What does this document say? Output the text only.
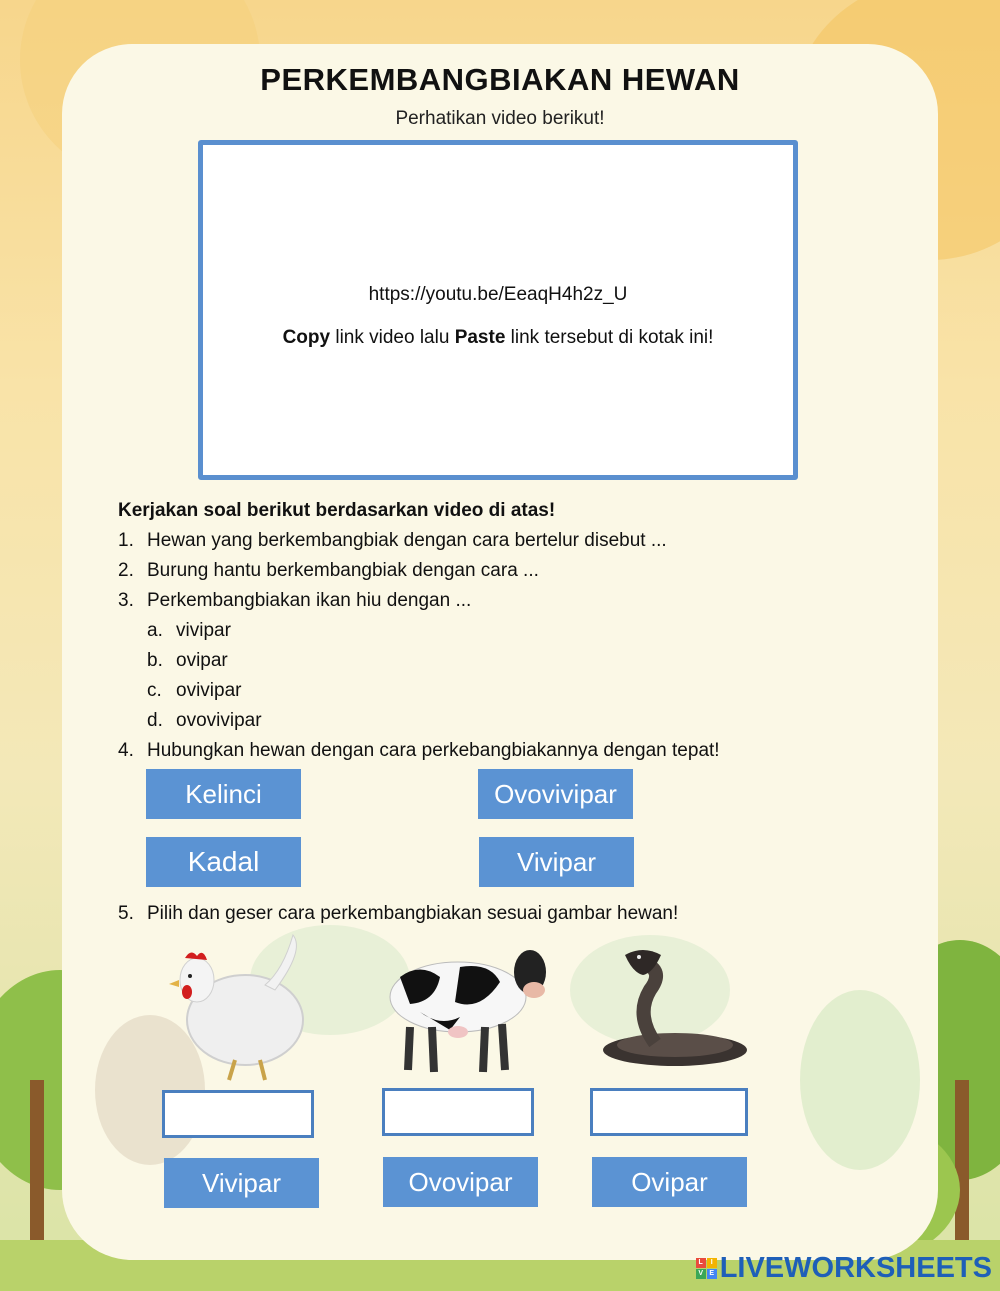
PERKEMBANGBIAKAN HEWAN
Perhatikan video berikut!
https://youtu.be/EeaqH4h2z_U
Copy link video lalu Paste link tersebut di kotak ini!
Kerjakan soal berikut berdasarkan video di atas!
1. Hewan yang berkembangbiak dengan cara bertelur disebut ...
2. Burung hantu berkembangbiak dengan cara ...
3. Perkembangbiakan ikan hiu dengan ...
a. vivipar
b. ovipar
c. ovivipar
d. ovovivipar
4. Hubungkan hewan dengan cara perkebangbiakannya dengan tepat!
Kelinci	Ovovivipar
Kadal	Vivipar
5. Pilih dan geser cara perkembangbiakan sesuai gambar hewan!
Vivipar	Ovovipar	Ovipar
L	I
V E LIVEWORKSHEETS
